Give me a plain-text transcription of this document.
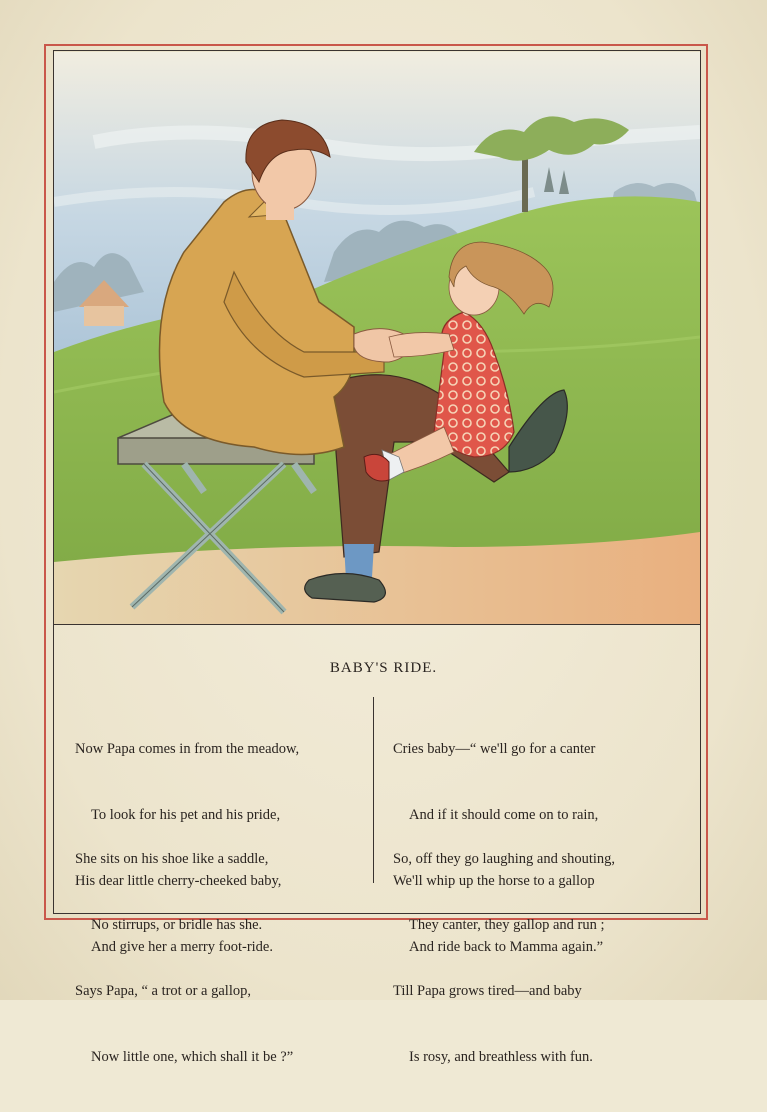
BABY'S RIDE.

Now Papa comes in from the meadow,

To look for his pet and his pride,

His dear little cherry-cheeked baby,

And give her a merry foot-ride.

She sits on his shoe like a saddle,

No stirrups, or bridle has she.

Says Papa, “ a trot or a gallop,

Now little one, which shall it be ?”

Cries baby—“ we'll go for a canter

And if it should come on to rain,

We'll whip up the horse to a gallop

And ride back to Mamma again.”

So, off they go laughing and shouting,

They canter, they gallop and run ;

Till Papa grows tired—and baby

Is rosy, and breathless with fun.
